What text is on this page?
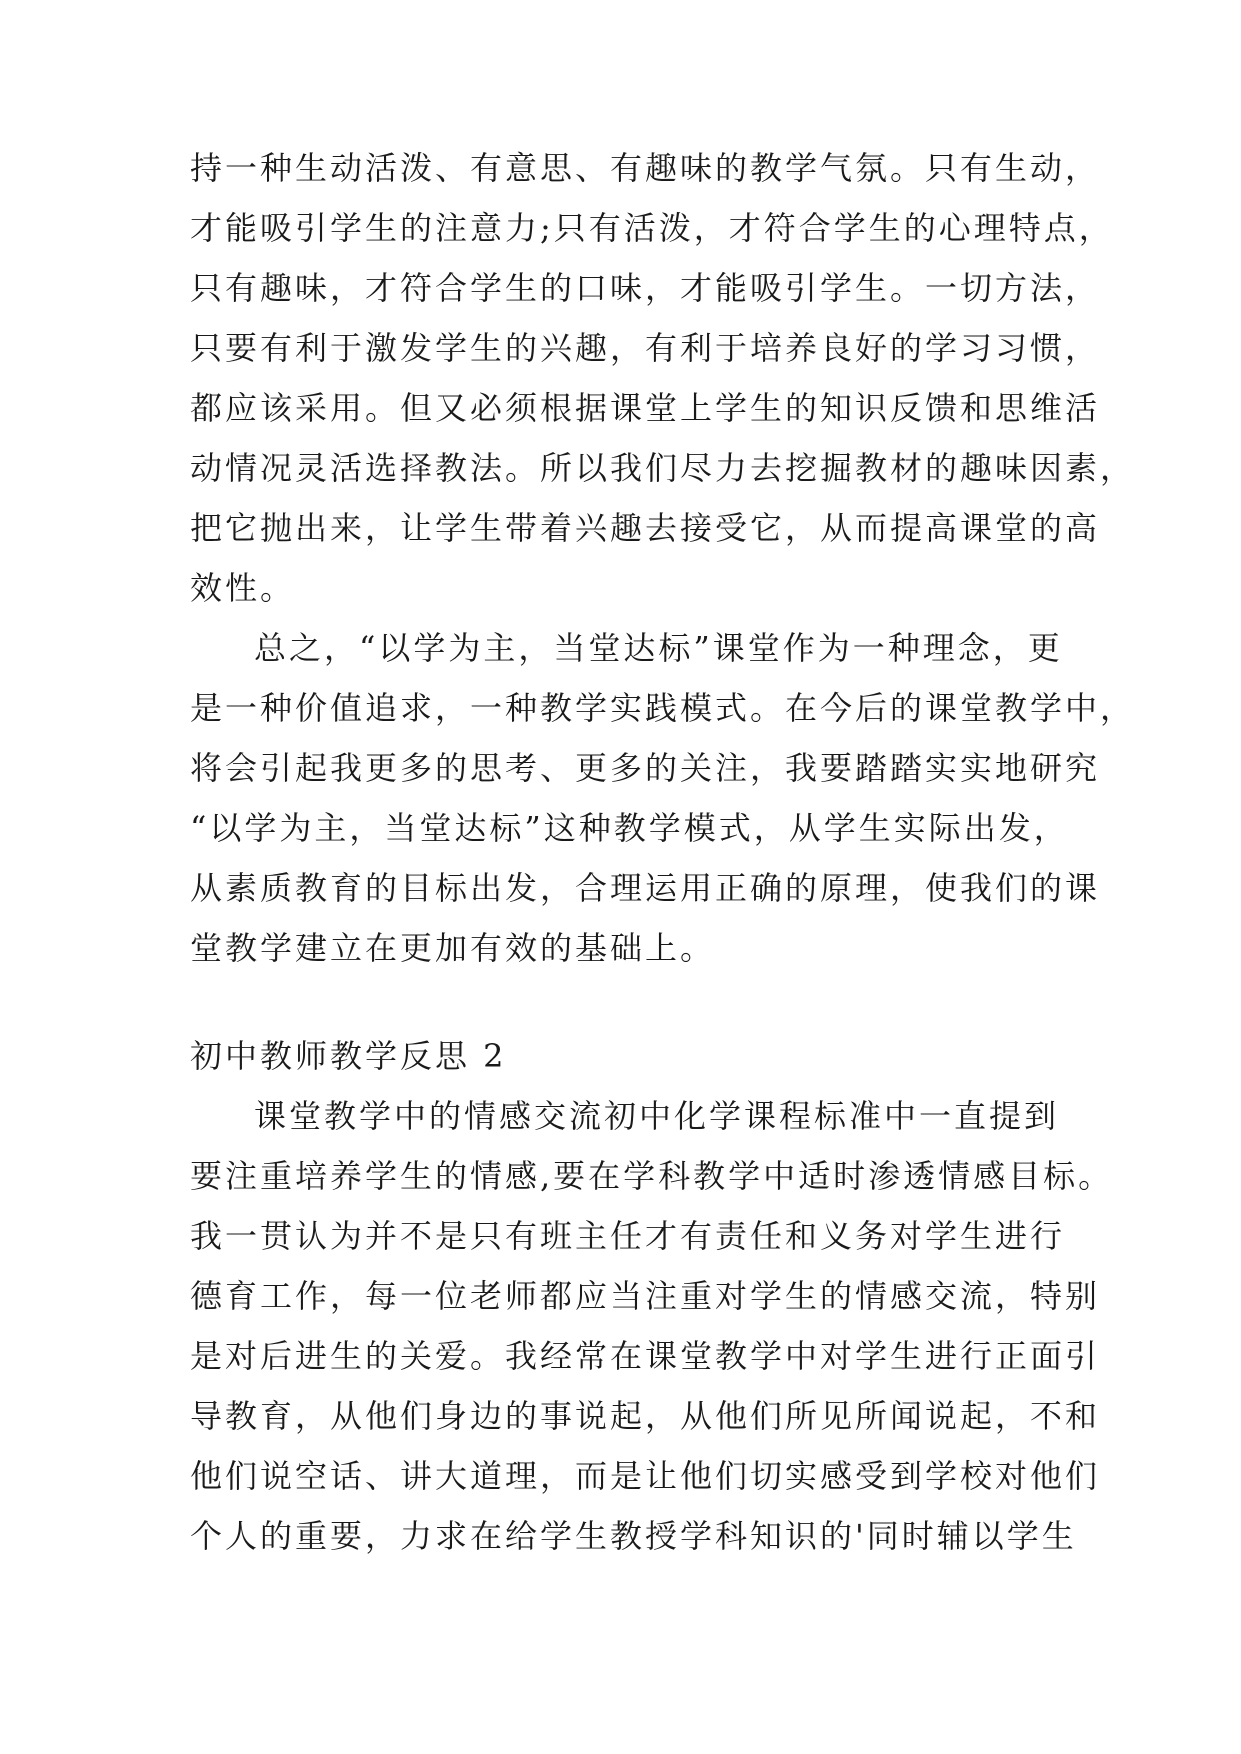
持一种生动活泼、有意思、有趣味的教学气氛。只有生动，
才能吸引学生的注意力;只有活泼，才符合学生的心理特点，
只有趣味，才符合学生的口味，才能吸引学生。一切方法，
只要有利于激发学生的兴趣，有利于培养良好的学习习惯，
都应该采用。但又必须根据课堂上学生的知识反馈和思维活
动情况灵活选择教法。所以我们尽力去挖掘教材的趣味因素，
把它抛出来，让学生带着兴趣去接受它，从而提高课堂的高
效性。
总之，“以学为主，当堂达标”课堂作为一种理念，更
是一种价值追求，一种教学实践模式。在今后的课堂教学中，
将会引起我更多的思考、更多的关注，我要踏踏实实地研究
“以学为主，当堂达标”这种教学模式，从学生实际出发，
从素质教育的目标出发，合理运用正确的原理，使我们的课
堂教学建立在更加有效的基础上。
初中教师教学反思 2
课堂教学中的情感交流初中化学课程标准中一直提到
要注重培养学生的情感,要在学科教学中适时渗透情感目标。
我一贯认为并不是只有班主任才有责任和义务对学生进行
德育工作，每一位老师都应当注重对学生的情感交流，特别
是对后进生的关爱。我经常在课堂教学中对学生进行正面引
导教育，从他们身边的事说起，从他们所见所闻说起，不和
他们说空话、讲大道理，而是让他们切实感受到学校对他们
个人的重要，力求在给学生教授学科知识的'同时辅以学生
